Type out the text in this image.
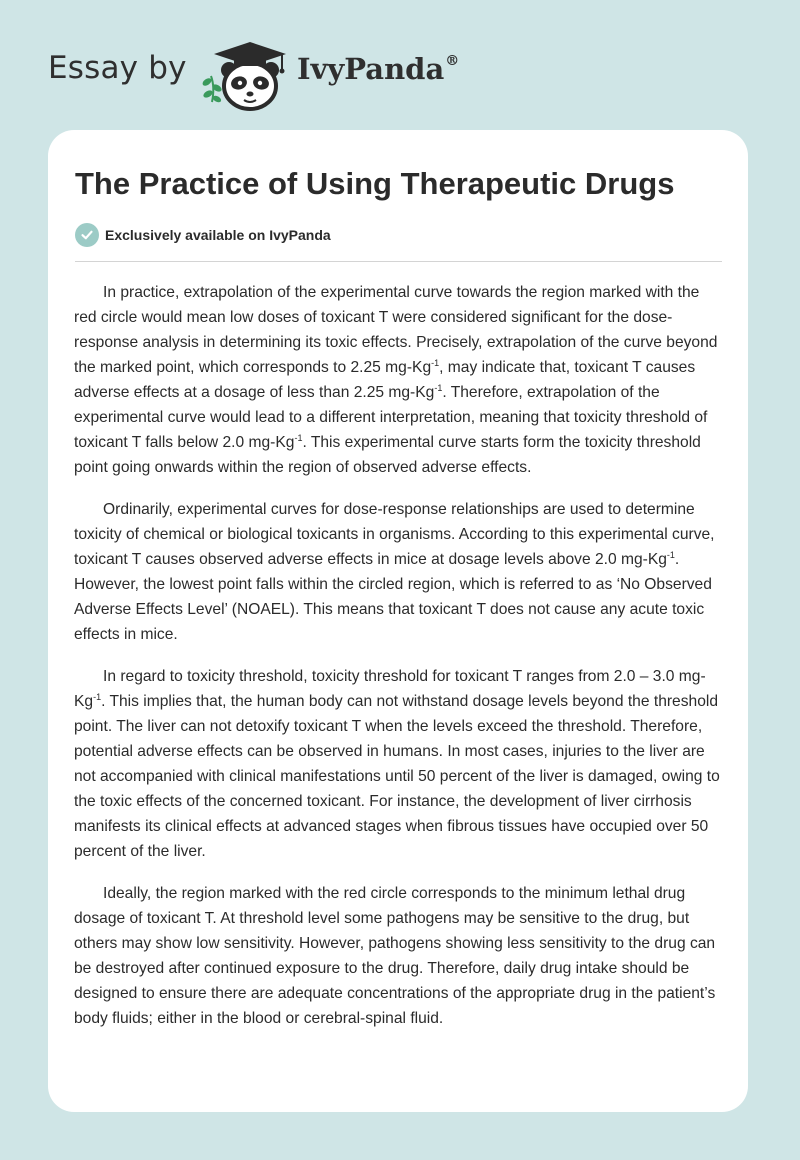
Essay by	IvyPanda®
The Practice of Using Therapeutic Drugs
Exclusively available on IvyPanda

In practice, extrapolation of the experimental curve towards the region marked with the red circle would mean low doses of toxicant T were considered significant for the dose-response analysis in determining its toxic effects. Precisely, extrapolation of the curve beyond the marked point, which corresponds to 2.25 $mg-Kg^{-1}$, may indicate that, toxicant T causes adverse effects at a dosage of less than 2.25 $mg-Kg^{-1}$. Therefore, extrapolation of the experimental curve would lead to a different interpretation, meaning that toxicity threshold of toxicant T falls below 2.0 $mg-Kg^{-1}$. This experimental curve starts form the toxicity threshold point going onwards within the region of observed adverse effects.

Ordinarily, experimental curves for dose-response relationships are used to determine toxicity of chemical or biological toxicants in organisms. According to this experimental curve, toxicant T causes observed adverse effects in mice at dosage levels above 2.0 $mg-Kg^{-1}$. However, the lowest point falls within the circled region, which is referred to as ‘No Observed Adverse Effects Level’ (NOAEL). This means that toxicant T does not cause any acute toxic effects in mice.

In regard to toxicity threshold, toxicity threshold for toxicant T ranges from 2.0 – 3.0 $mg-Kg^{-1}$. This implies that, the human body can not withstand dosage levels beyond the threshold point. The liver can not detoxify toxicant T when the levels exceed the threshold. Therefore, potential adverse effects can be observed in humans. In most cases, injuries to the liver are not accompanied with clinical manifestations until 50 percent of the liver is damaged, owing to the toxic effects of the concerned toxicant. For instance, the development of liver cirrhosis manifests its clinical effects at advanced stages when fibrous tissues have occupied over 50 percent of the liver.

Ideally, the region marked with the red circle corresponds to the minimum lethal drug dosage of toxicant T. At threshold level some pathogens may be sensitive to the drug, but others may show low sensitivity. However, pathogens showing less sensitivity to the drug can be destroyed after continued exposure to the drug. Therefore, daily drug intake should be designed to ensure there are adequate concentrations of the appropriate drug in the patient’s body fluids; either in the blood or cerebral-spinal fluid.
